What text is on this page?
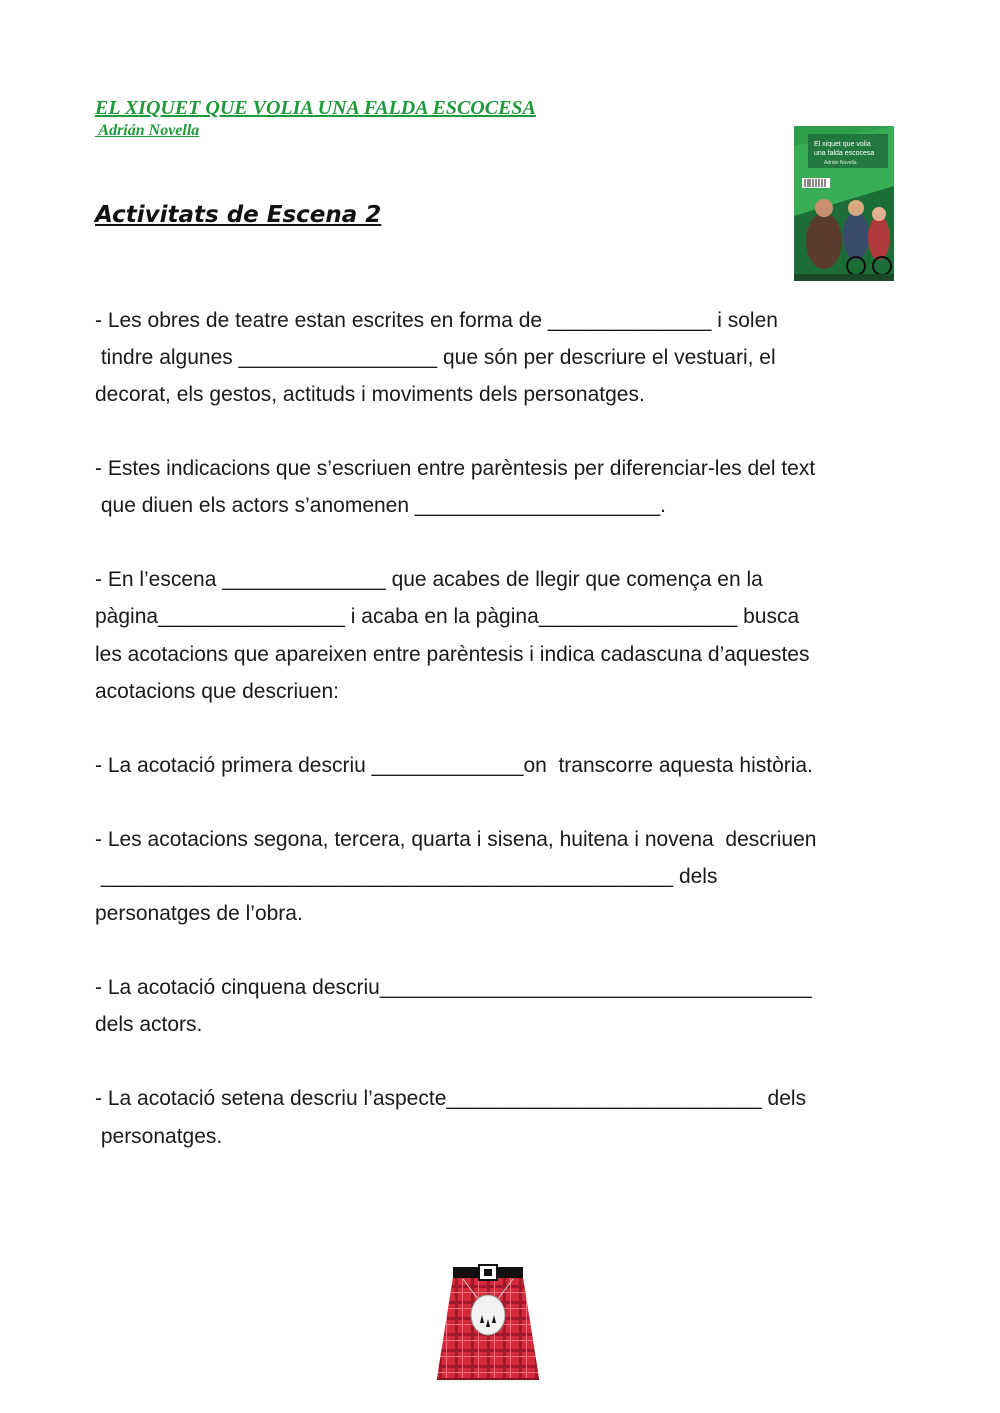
EL XIQUET QUE VOLIA UNA FALDA ESCOCESA
Adrián Novella
Activitats de Escena 2
El xiquet que volia
una falda escocesa
Adrián Novella
- Les obres de teatre estan escrites en forma de ______________ i solen
tindre algunes _________________ que són per descriure el vestuari, el
decorat, els gestos, actituds i moviments dels personatges.
- Estes indicacions que s’escriuen entre parèntesis per diferenciar-les del text
que diuen els actors s’anomenen _____________________.
- En l’escena ______________ que acabes de llegir que comença en la
pàgina________________ i acaba en la pàgina_________________ busca
les acotacions que apareixen entre parèntesis i indica cadascuna d’aquestes
acotacions que descriuen:
- La acotació primera descriu _____________on  transcorre aquesta història.
- Les acotacions segona, tercera, quarta i sisena, huitena i novena  descriuen
_________________________________________________ dels
personatges de l’obra.
- La acotació cinquena descriu_____________________________________
dels actors.
- La acotació setena descriu l’aspecte___________________________ dels
personatges.
